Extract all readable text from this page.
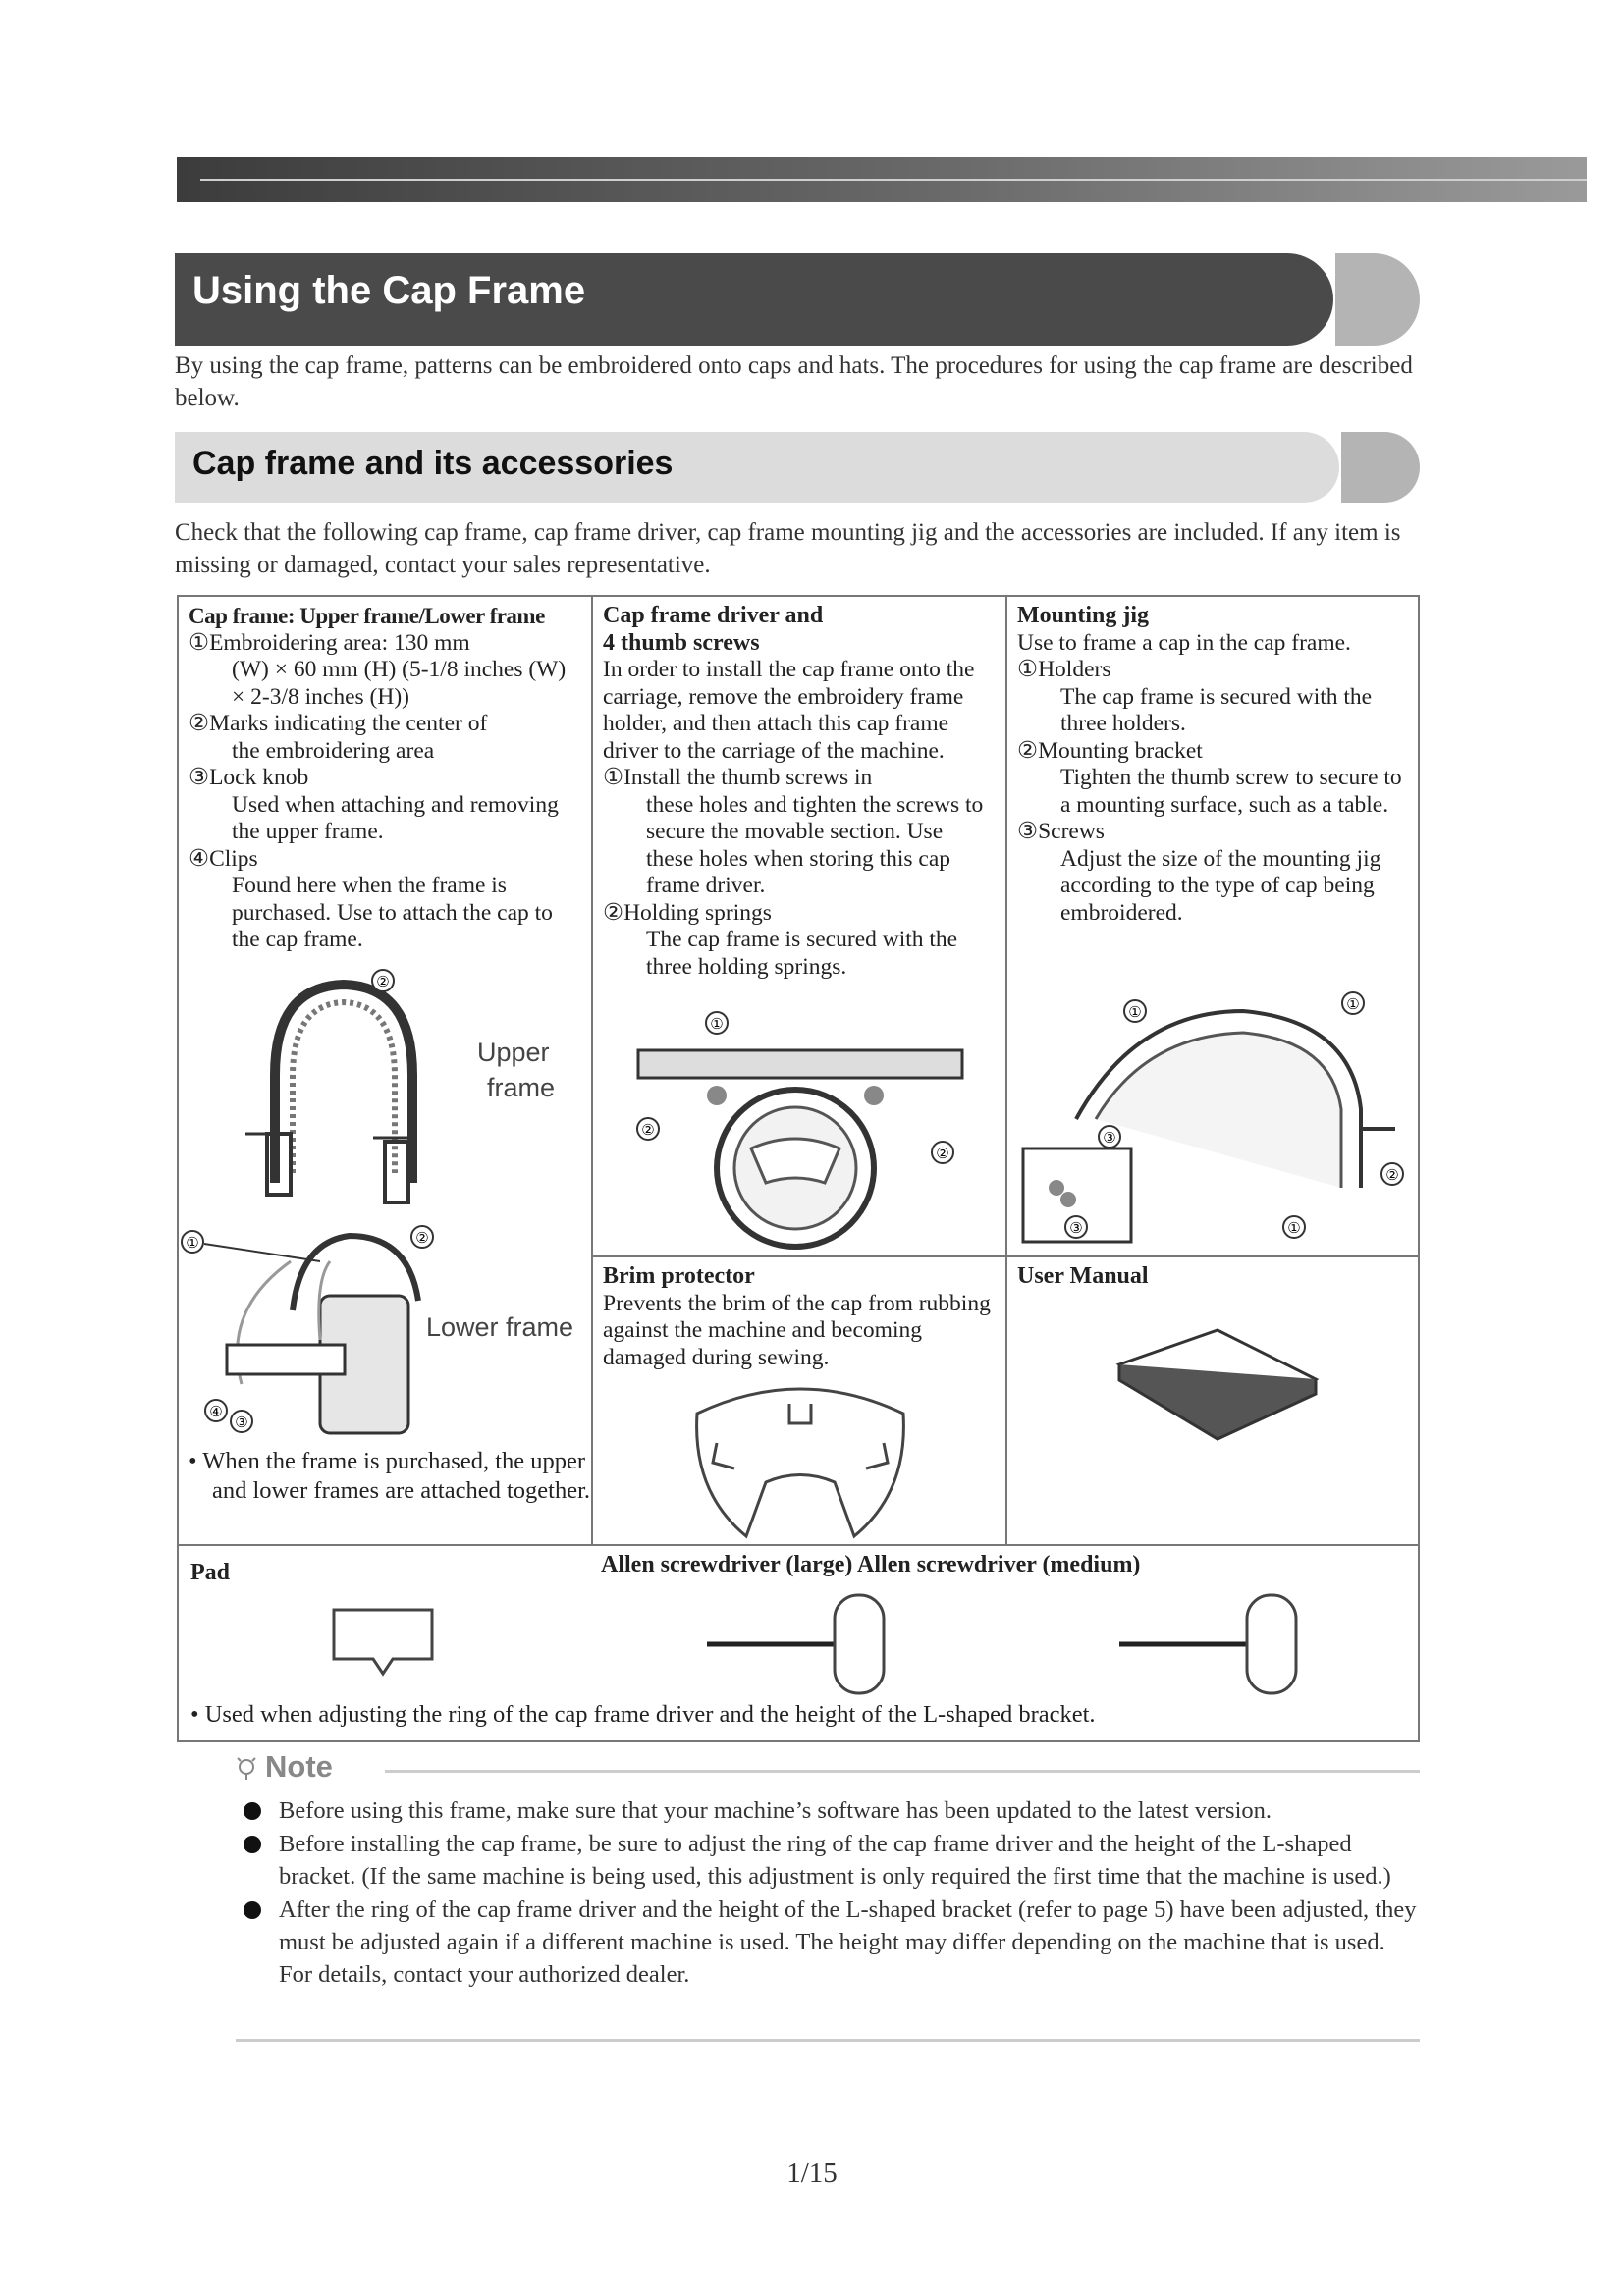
Using the Cap Frame
By using the cap frame, patterns can be embroidered onto caps and hats. The procedures for using the cap frame are described below.
Cap frame and its accessories
Check that the following cap frame, cap frame driver, cap frame mounting jig and the accessories are included. If any item is missing or damaged, contact your sales representative.
Cap frame: Upper frame/Lower frame
①Embroidering area: 130 mm
(W) × 60 mm (H) (5-1/8 inches (W) × 2-3/8 inches (H))
②Marks indicating the center of
the embroidering area
③Lock knob
Used when attaching and removing the upper frame.
④Clips
Found here when the frame is purchased. Use to attach the cap to the cap frame.
Upper
frame
Lower frame
• When the frame is purchased, the upper and lower frames are attached together.
②
①	②
④
③
Cap frame driver and
4 thumb screws
In order to install the cap frame onto the carriage, remove the embroidery frame holder, and then attach this cap frame driver to the carriage of the machine.
①Install the thumb screws in
these holes and tighten the screws to secure the movable section. Use these holes when storing this cap frame driver.
②Holding springs
The cap frame is secured with the three holding springs.
①
②
②
Mounting jig
Use to frame a cap in the cap frame.
①Holders
The cap frame is secured with the three holders.
②Mounting bracket
Tighten the thumb screw to secure to a mounting surface, such as a table.
③Screws
Adjust the size of the mounting jig according to the type of cap being embroidered.
①	①
③
③
②
①
Brim protector
Prevents the brim of the cap from rubbing against the machine and becoming damaged during sewing.
User Manual
Pad	Allen screwdriver (large) Allen screwdriver (medium)
• Used when adjusting the ring of the cap frame driver and the height of the L-shaped bracket.
Note
Before using this frame, make sure that your machine’s software has been updated to the latest version.
Before installing the cap frame, be sure to adjust the ring of the cap frame driver and the height of the L-shaped bracket. (If the same machine is being used, this adjustment is only required the first time that the machine is used.)
After the ring of the cap frame driver and the height of the L-shaped bracket (refer to page 5) have been adjusted, they must be adjusted again if a different machine is used. The height may differ depending on the machine that is used. For details, contact your authorized dealer.
1/15
